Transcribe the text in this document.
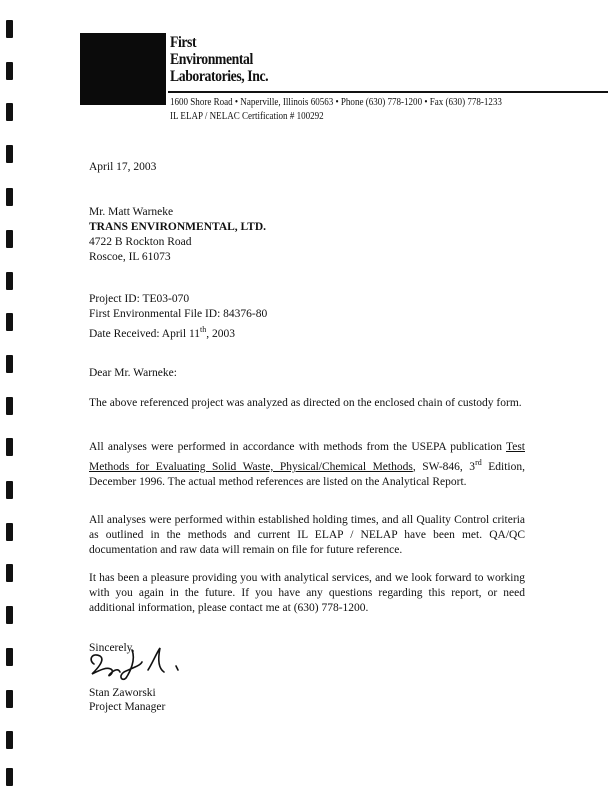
First
Environmental
Laboratories, Inc.
1600 Shore Road • Naperville, Illinois 60563 • Phone (630) 778-1200 • Fax (630) 778-1233
IL ELAP / NELAC Certification # 100292
April 17, 2003
Mr. Matt Warneke
TRANS ENVIRONMENTAL, LTD.
4722 B Rockton Road
Roscoe, IL 61073
Project ID: TE03-070
First Environmental File ID: 84376-80
Date Received: April 11th, 2003
Dear Mr. Warneke:
The above referenced project was analyzed as directed on the enclosed chain of custody form.
All analyses were performed in accordance with methods from the USEPA publication Test Methods for Evaluating Solid Waste, Physical/Chemical Methods, SW-846, 3rd Edition, December 1996. The actual method references are listed on the Analytical Report.
All analyses were performed within established holding times, and all Quality Control criteria as outlined in the methods and current IL ELAP / NELAP have been met. QA/QC documentation and raw data will remain on file for future reference.
It has been a pleasure providing you with analytical services, and we look forward to working with you again in the future. If you have any questions regarding this report, or need additional information, please contact me at (630) 778-1200.
Sincerely,
Stan Zaworski
Project Manager
